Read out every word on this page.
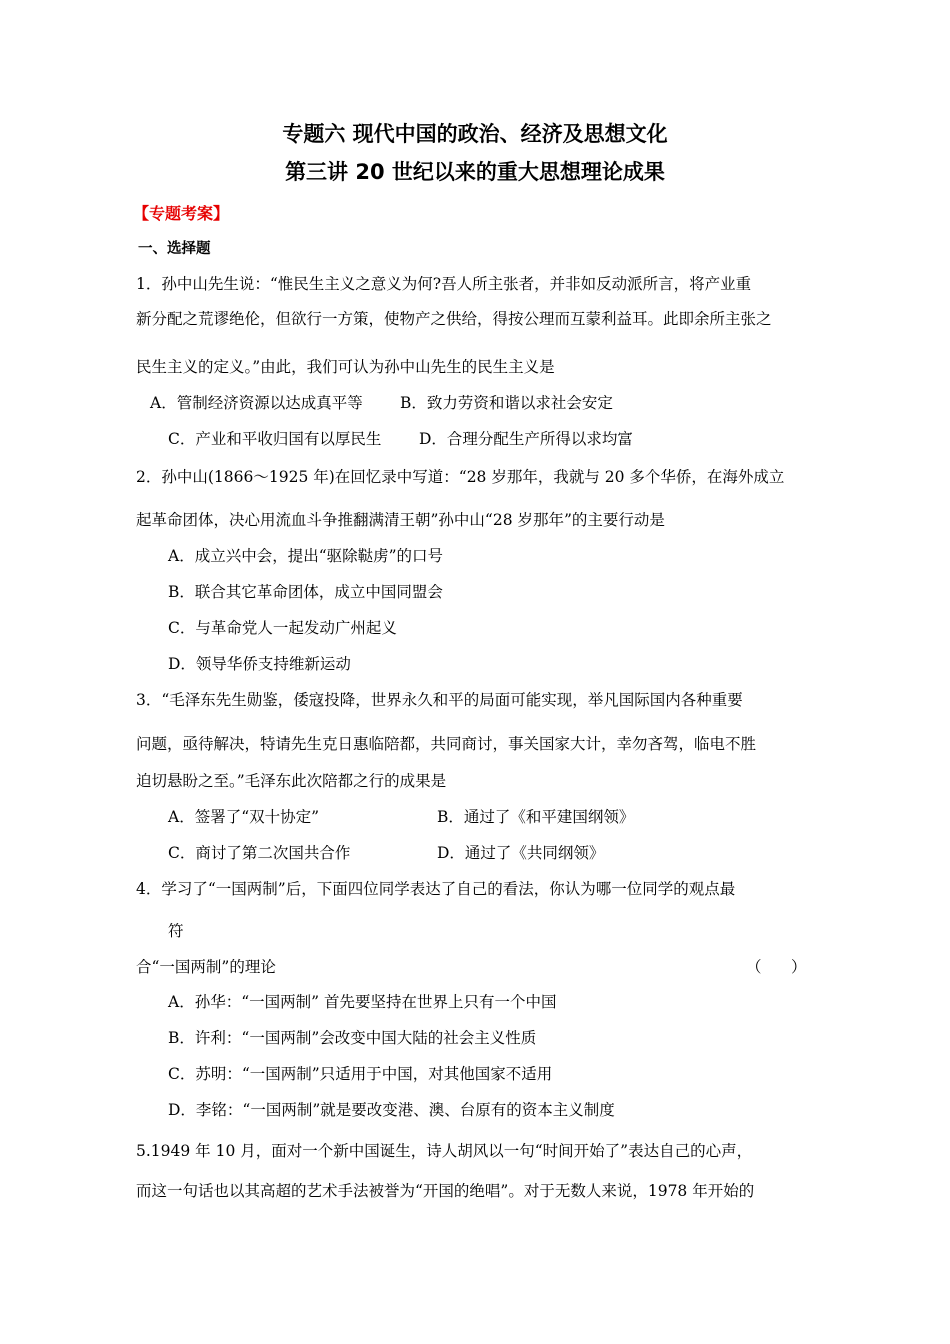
专题六 现代中国的政治、经济及思想文化
第三讲 20 世纪以来的重大思想理论成果
【专题考案】
一、选择题
1．孙中山先生说：“惟民生主义之意义为何?吾人所主张者，并非如反动派所言，将产业重
新分配之荒谬绝伦，但欲行一方策，使物产之供给，得按公理而互蒙利益耳。此即余所主张之
民生主义的定义。”由此，我们可认为孙中山先生的民生主义是
A．管制经济资源以达成真平等 B．致力劳资和谐以求社会安定
C．产业和平收归国有以厚民生 D．合理分配生产所得以求均富
2．孙中山(1866～1925 年)在回忆录中写道：“28 岁那年，我就与 20 多个华侨，在海外成立
起革命团体，决心用流血斗争推翻满清王朝”孙中山“28 岁那年”的主要行动是
A．成立兴中会，提出“驱除鞑虏”的口号
B．联合其它革命团体，成立中国同盟会
C．与革命党人一起发动广州起义
D．领导华侨支持维新运动
3．“毛泽东先生勋鉴，倭寇投降，世界永久和平的局面可能实现，举凡国际国内各种重要
问题，亟待解决，特请先生克日惠临陪都，共同商讨，事关国家大计，幸勿吝驾，临电不胜
迫切悬盼之至。”毛泽东此次陪都之行的成果是
A．签署了“双十协定”	B．通过了《和平建国纲领》
C．商讨了第二次国共合作	D．通过了《共同纲领》
4．学习了“一国两制”后，下面四位同学表达了自己的看法，你认为哪一位同学的观点最
符
合“一国两制”的理论	（      ）
A．孙华：“一国两制” 首先要坚持在世界上只有一个中国
B．许利：“一国两制”会改变中国大陆的社会主义性质
C．苏明：“一国两制”只适用于中国，对其他国家不适用
D．李铭：“一国两制”就是要改变港、澳、台原有的资本主义制度
5.1949 年 10 月，面对一个新中国诞生，诗人胡风以一句“时间开始了”表达自己的心声，
而这一句话也以其高超的艺术手法被誉为“开国的绝唱”。对于无数人来说，1978 年开始的
